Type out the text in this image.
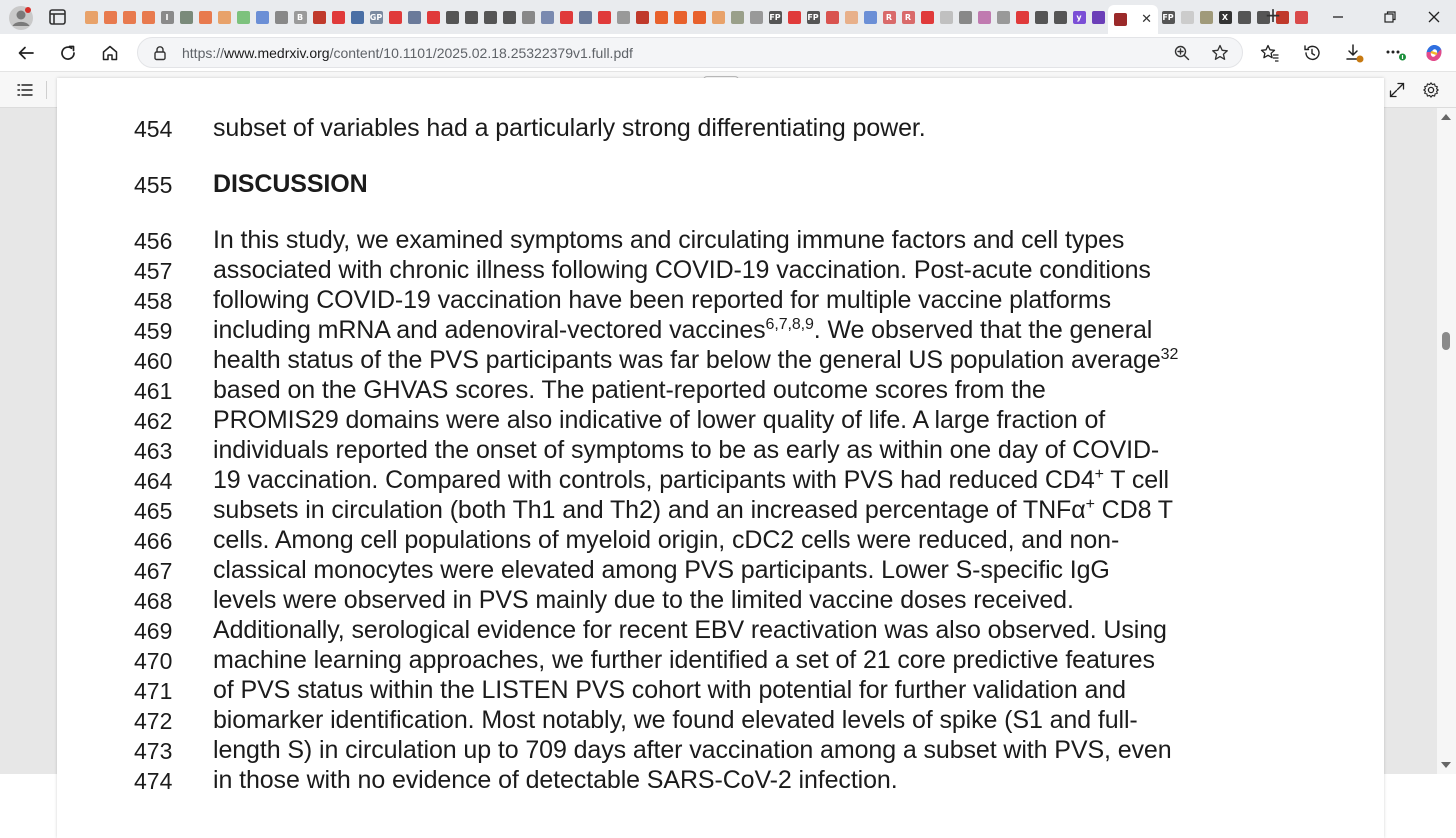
I	B	GP	FP	FP	R	R	y	✕ FP	X +
https://www.medrxiv.org/content/10.1101/2025.02.18.25322379v1.full.pdf
454 subset of variables had a particularly strong differentiating power.
455 DISCUSSION
456 In this study, we examined symptoms and circulating immune factors and cell types
457 associated with chronic illness following COVID-19 vaccination. Post-acute conditions
458 following COVID-19 vaccination have been reported for multiple vaccine platforms
459 including mRNA and adenoviral-vectored vaccines$^{6,7,8,9}$. We observed that the general
460 health status of the PVS participants was far below the general US population average$^{32}$
461 based on the GHVAS scores. The patient-reported outcome scores from the
462 PROMIS29 domains were also indicative of lower quality of life. A large fraction of
463 individuals reported the onset of symptoms to be as early as within one day of COVID-
464 19 vaccination. Compared with controls, participants with PVS had reduced CD4+ T cell
465 subsets in circulation (both Th1 and Th2) and an increased percentage of TNFα+ CD8 T
466 cells. Among cell populations of myeloid origin, cDC2 cells were reduced, and non-
467 classical monocytes were elevated among PVS participants. Lower S-specific IgG
468 levels were observed in PVS mainly due to the limited vaccine doses received.
469 Additionally, serological evidence for recent EBV reactivation was also observed. Using
470 machine learning approaches, we further identified a set of 21 core predictive features
471 of PVS status within the LISTEN PVS cohort with potential for further validation and
472 biomarker identification. Most notably, we found elevated levels of spike (S1 and full-
473 length S) in circulation up to 709 days after vaccination among a subset with PVS, even
474 in those with no evidence of detectable SARS-CoV-2 infection.
